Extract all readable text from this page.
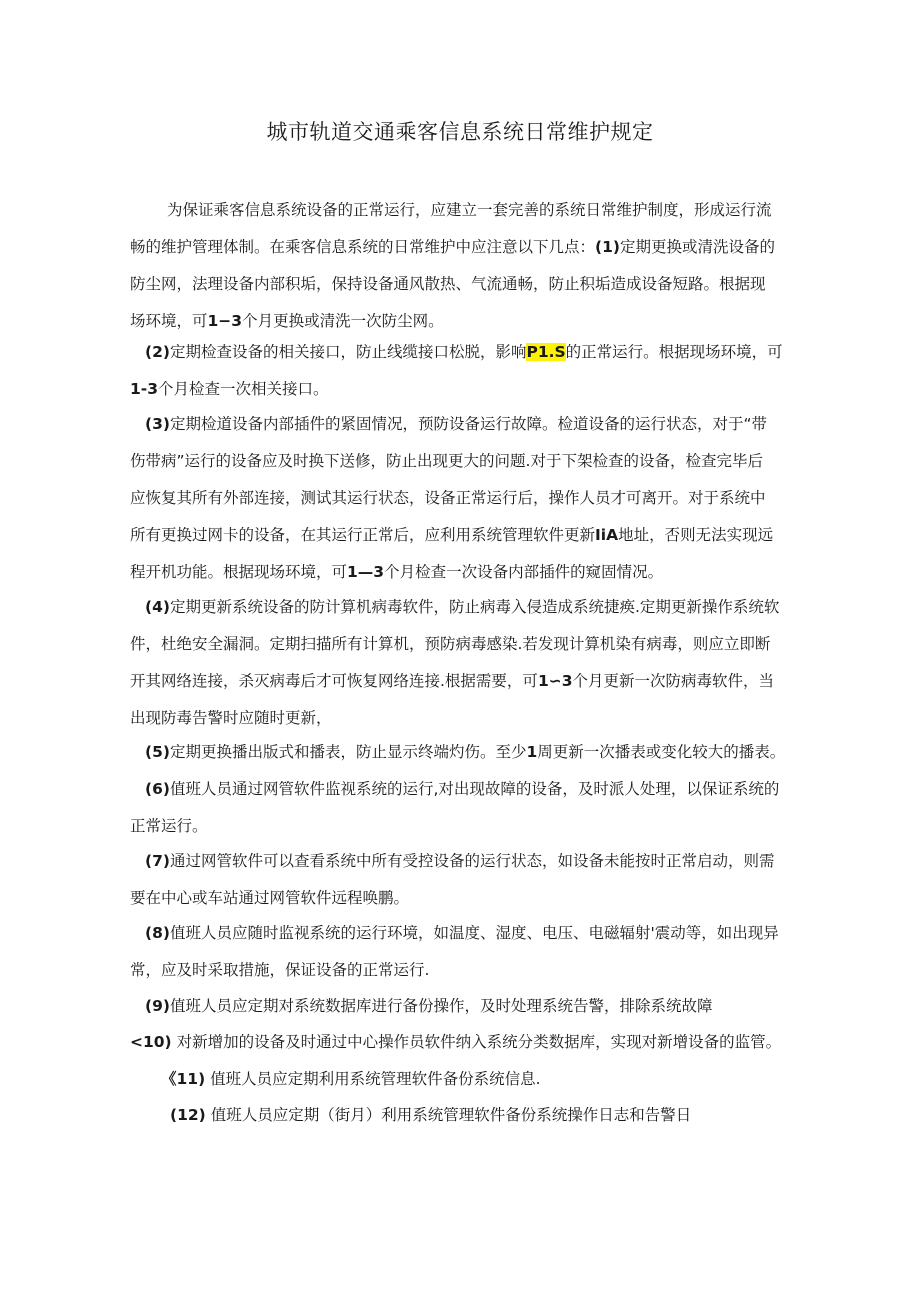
城市轨道交通乘客信息系统日常维护规定
为保证乘客信息系统设备的正常运行，应建立一套完善的系统日常维护制度，形成运行流
畅的维护管理体制。在乘客信息系统的日常维护中应注意以下几点：(1)定期更换或清洗设备的
防尘网，法理设备内部积垢，保持设备通风散热、气流通畅，防止积垢造成设备短路。根据现
场环境，可1−3个月更换或清洗一次防尘网。
(2)定期检查设备的相关接口，防止线缆接口松脱，影响P1.S的正常运行。根据现场环境，可
1-3个月检查一次相关接口。
(3)定期检道设备内部插件的紧固情况，预防设备运行故障。检道设备的运行状态，对于“带
伤带病”运行的设备应及时换下送修，防止出现更大的问题.对于下架检查的设备，检查完毕后
应恢复其所有外部连接，测试其运行状态，设备正常运行后，操作人员才可离开。对于系统中
所有更换过网卡的设备，在其运行正常后，应利用系统管理软件更新IiA地址，否则无法实现远
程开机功能。根据现场环境，可1—3个月检查一次设备内部插件的窥固情况。
(4)定期更新系统设备的防计算机病毒软件，防止病毒入侵造成系统捷痪.定期更新操作系统软
件，杜绝安全漏洞。定期扫描所有计算机，预防病毒感染.若发现计算机染有病毒，则应立即断
开其网络连接，杀灭病毒后才可恢复网络连接.根据需要，可1∽3个月更新一次防病毒软件，当
出现防毒告警时应随时更新，
(5)定期更换播出版式和播表，防止显示终端灼伤。至少1周更新一次播表或变化较大的播表。
(6)值班人员通过网管软件监视系统的运行,对出现故障的设备，及时派人处理，以保证系统的
正常运行。
(7)通过网管软件可以查看系统中所有受控设备的运行状态，如设备未能按时正常启动，则需
要在中心或车站通过网管软件远程唤鹏。
(8)值班人员应随时监视系统的运行环境，如温度、湿度、电压、电磁辐射'震动等，如出现异
常，应及时采取措施，保证设备的正常运行.
(9)值班人员应定期对系统数据库进行备份操作，及时处理系统告警，排除系统故障
<10) 对新增加的设备及时通过中心操作员软件纳入系统分类数据库，实现对新增设备的监管。
《11) 值班人员应定期利用系统管理软件备份系统信息.
(12) 值班人员应定期（街月）利用系统管理软件备份系统操作日志和告警日
